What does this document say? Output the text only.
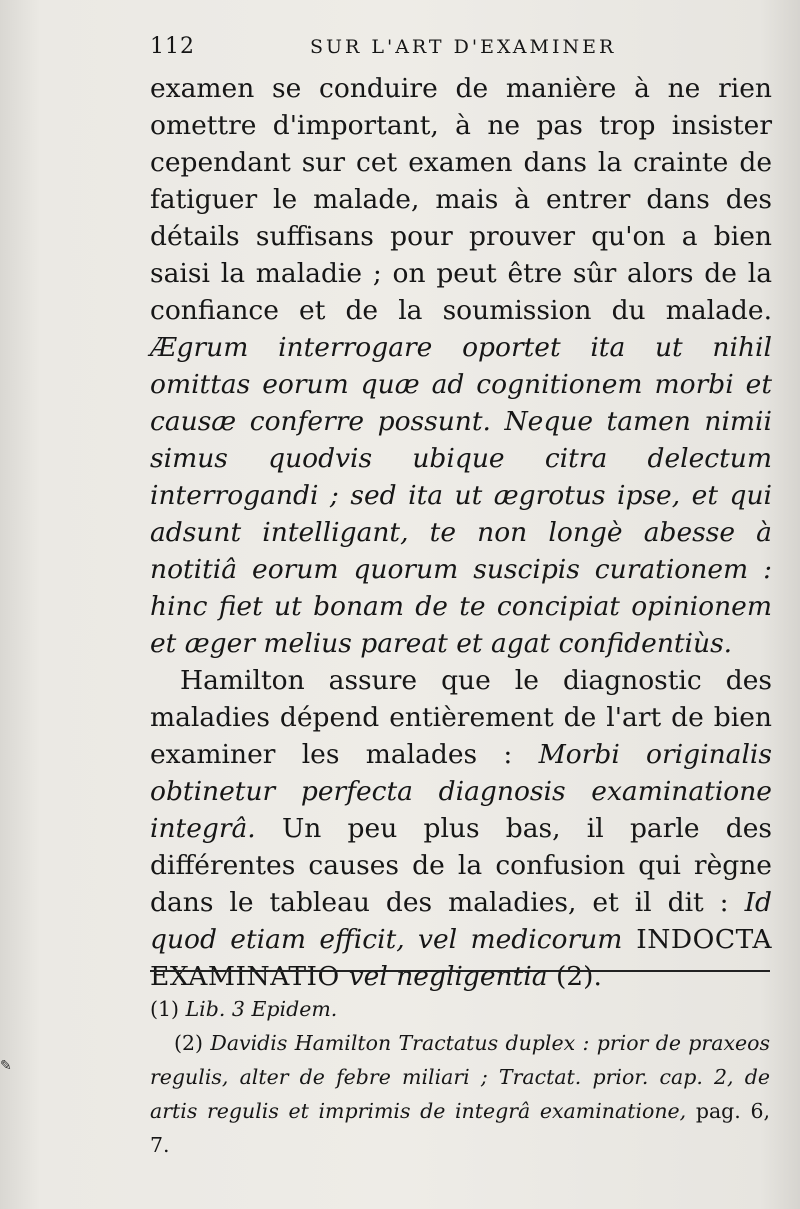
112	SUR L'ART D'EXAMINER

examen se conduire de manière à ne rien omettre d'important, à ne pas trop insister cependant sur cet examen dans la crainte de fatiguer le malade, mais à entrer dans des détails suffisans pour prouver qu'on a bien saisi la maladie ; on peut être sûr alors de la confiance et de la soumission du malade. Ægrum interrogare oportet ita ut nihil omittas eorum quæ ad cognitionem morbi et causæ conferre possunt. Neque tamen nimii simus quodvis ubique citra delectum interrogandi ; sed ita ut ægrotus ipse, et qui adsunt intelligant, te non longè abesse à notitiâ eorum quorum suscipis curationem : hinc fiet ut bonam de te concipiat opinionem et æger melius pareat et agat confidentiùs.

Hamilton assure que le diagnostic des maladies dépend entièrement de l'art de bien examiner les malades : Morbi originalis obtinetur perfecta diagnosis examinatione integrâ. Un peu plus bas, il parle des différentes causes de la confusion qui règne dans le tableau des maladies, et il dit : Id quod etiam efficit, vel medicorum INDOCTA EXAMINATIO vel negligentia (2).

(1) Lib. 3 Epidem.

(2) Davidis Hamilton Tractatus duplex : prior de praxeos regulis, alter de febre miliari ; Tractat. prior. cap. 2, de artis regulis et imprimis de integrâ examinatione, pag. 6, 7.

✎
